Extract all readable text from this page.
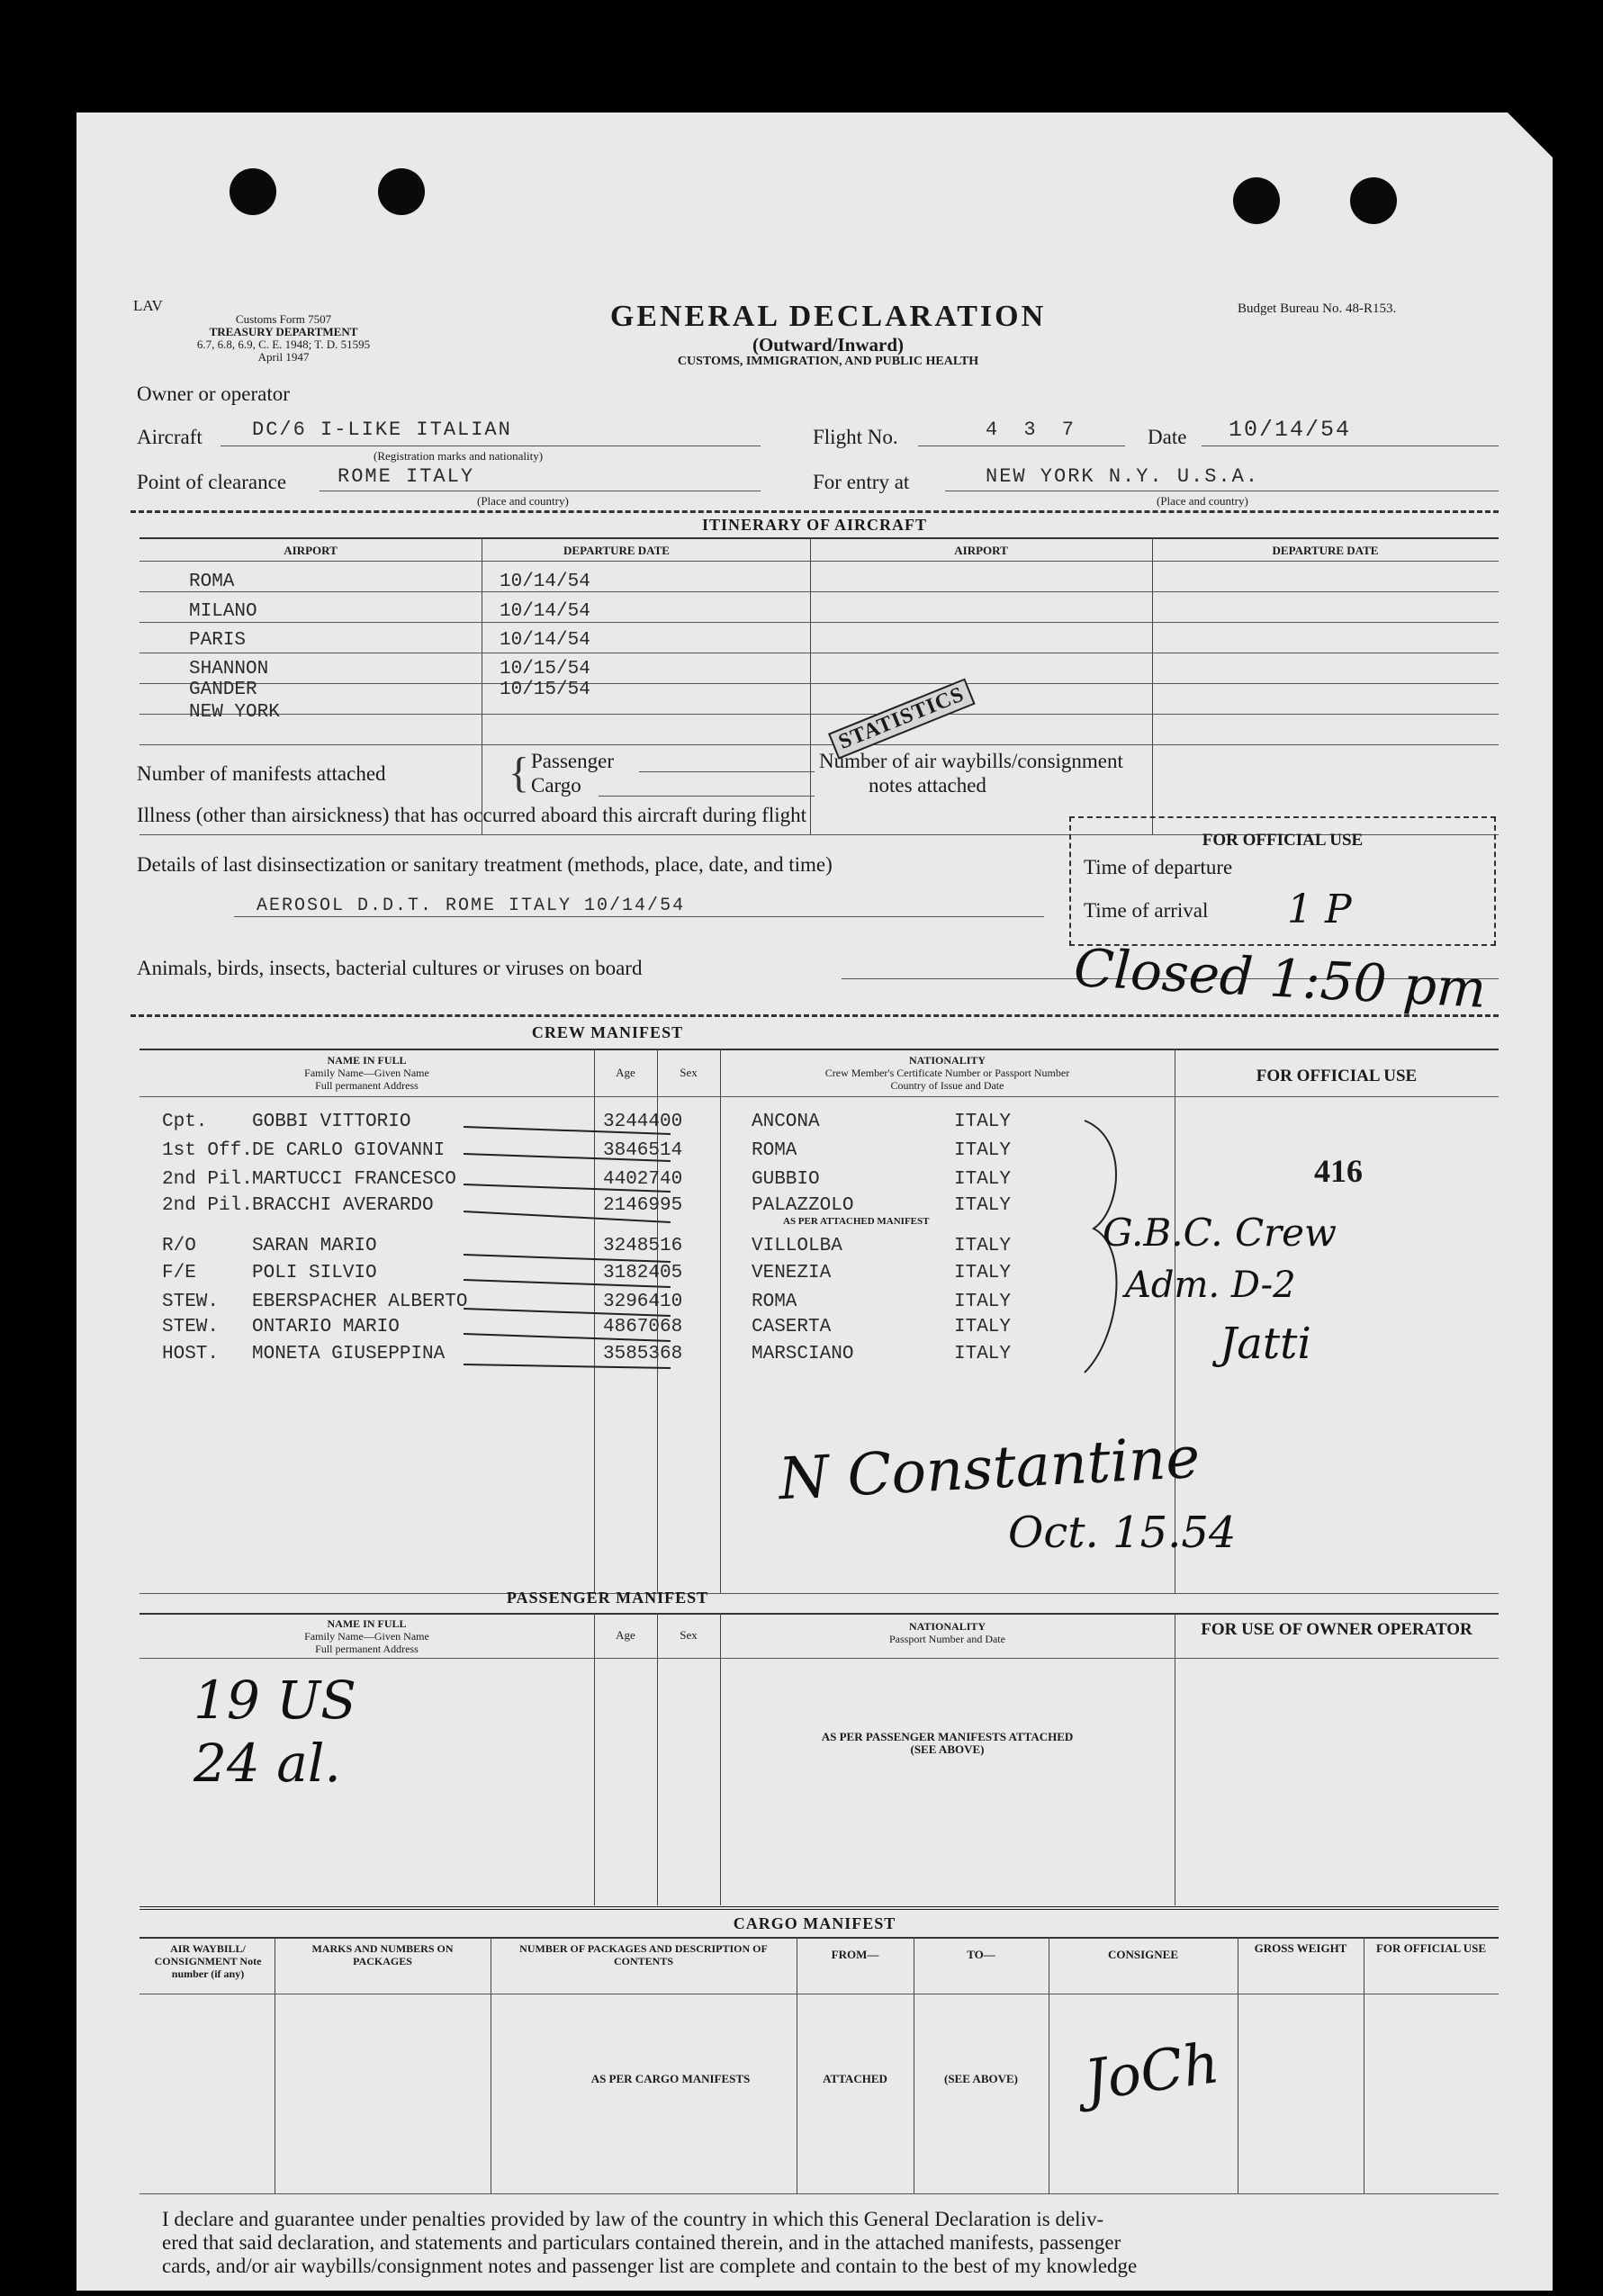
LAV
Customs Form 7507
TREASURY DEPARTMENT
6.7, 6.8, 6.9, C. E. 1948; T. D. 51595
April 1947
GENERAL DECLARATION
(Outward/Inward)
CUSTOMS, IMMIGRATION, AND PUBLIC HEALTH
Budget Bureau No. 48-R153.
Owner or operator
Aircraft	DC/6 I-LIKE ITALIAN
(Registration marks and nationality)
Flight No.	4 3 7	Date 10/14/54
Point of clearance	ROME ITALY
(Place and country)
For entry at	NEW YORK N.Y. U.S.A.
(Place and country)
ITINERARY OF AIRCRAFT
AIRPORT	DEPARTURE DATE	AIRPORT	DEPARTURE DATE
ROMA	10/14/54
MILANO	10/14/54
PARIS	10/14/54
SHANNON	10/15/54
GANDER	10/15/54
NEW YORK	STATISTICS
Number of manifests attached	{ Passenger
Cargo
Number of air waybills/consignment
notes attached
Illness (other than airsickness) that has occurred aboard this aircraft during flight
Details of last disinsectization or sanitary treatment (methods, place, date, and time)
AEROSOL D.D.T. ROME ITALY 10/14/54
Animals, birds, insects, bacterial cultures or viruses on board
FOR OFFICIAL USE
Time of departure
Time of arrival	1 P
Closed 1:50 pm
CREW MANIFEST
NAME IN FULL
Family Name—Given Name
Full permanent Address
Age	Sex
NATIONALITY
Crew Member's Certificate Number or Passport Number
Country of Issue and Date	FOR OFFICIAL USE
Cpt. GOBBI VITTORIO	3244400	ANCONA	ITALY
1st Off. DE CARLO GIOVANNI	3846514	ROMA	ITALY
2nd Pil. MARTUCCI FRANCESCO	4402740	GUBBIO	ITALY
2nd Pil. BRACCHI AVERARDO	2146995	PALAZZOLO	ITALY
AS PER ATTACHED MANIFEST
R/O	SARAN MARIO	3248516	VILLOLBA	ITALY
F/E	POLI SILVIO	3182405	VENEZIA	ITALY
STEW. EBERSPACHER ALBERTO	3296410	ROMA	ITALY
STEW. ONTARIO MARIO	4867068	CASERTA	ITALY
HOST. MONETA GIUSEPPINA	3585368	MARSCIANO	ITALY
416
G.B.C. Crew
Adm. D-2
Jatti
N Constantine
Oct. 15.54
PASSENGER MANIFEST
NAME IN FULL
Family Name—Given Name
Full permanent Address
Age	Sex
NATIONALITY
Passport Number and Date	FOR USE OF OWNER OPERATOR
19 US
24 al.	AS PER PASSENGER MANIFESTS ATTACHED
(SEE ABOVE)
CARGO MANIFEST
AIR WAYBILL/ CONSIGNMENT Note number (if any)
MARKS AND NUMBERS ON PACKAGES
NUMBER OF PACKAGES AND DESCRIPTION OF CONTENTS	FROM—	TO—	CONSIGNEE	GROSS WEIGHT	FOR OFFICIAL USE
AS PER CARGO MANIFESTS	ATTACHED	(SEE ABOVE)	JoCh
I declare and guarantee under penalties provided by law of the country in which this General Declaration is deliv-
ered that said declaration, and statements and particulars contained therein, and in the attached manifests, passenger
cards, and/or air waybills/consignment notes and passenger list are complete and contain to the best of my knowledge
